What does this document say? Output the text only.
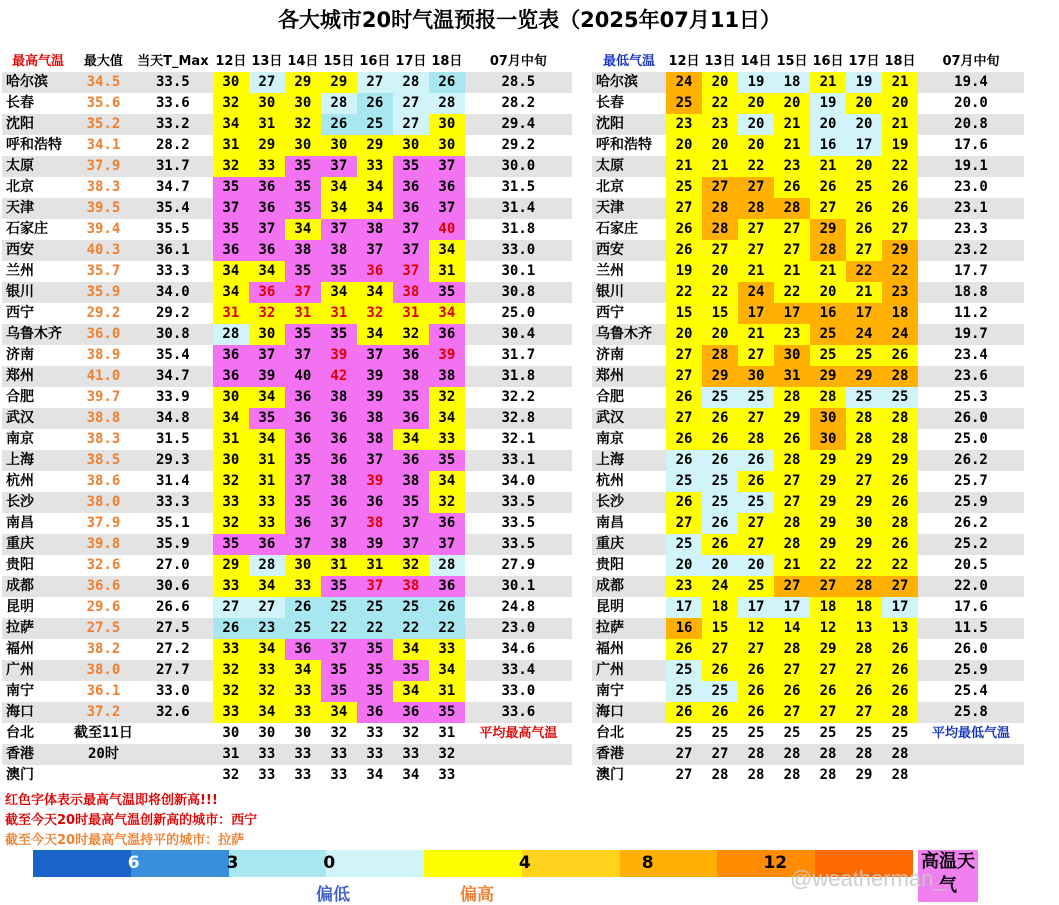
各大城市20时气温预报一览表（2025年07月11日）
最高气温	最大值	当天T_Max	12日	13日	14日	15日	16日	17日	18日	07月中旬
哈尔滨	34.5	33.5	30	27	29	29	27	28	26	28.5
长春	35.6	33.6	32	30	30	28	26	27	28	28.2
沈阳	35.2	33.2	34	31	32	26	25	27	30	29.4
呼和浩特	34.1	28.2	31	29	30	30	29	30	30	29.2
太原	37.9	31.7	32	33	35	37	33	35	37	30.0
北京	38.3	34.7	35	36	35	34	34	36	36	31.5
天津	39.5	35.4	37	36	35	34	34	36	37	31.4
石家庄	39.4	35.5	35	37	34	37	38	37	40	31.8
西安	40.3	36.1	36	36	38	38	37	37	34	33.0
兰州	35.7	33.3	34	34	35	35	36	37	31	30.1
银川	35.9	34.0	34	36	37	34	34	38	35	30.8
西宁	29.2	29.2	31	32	31	31	32	31	34	25.0
乌鲁木齐	36.0	30.8	28	30	35	35	34	32	36	30.4
济南	38.9	35.4	36	37	37	39	37	36	39	31.7
郑州	41.0	34.7	36	39	40	42	39	38	38	31.8
合肥	39.7	33.9	30	34	36	38	39	35	32	32.2
武汉	38.8	34.8	34	35	36	36	38	36	34	32.8
南京	38.3	31.5	31	34	36	36	38	34	33	32.1
上海	38.5	29.3	30	31	35	36	37	36	35	33.1
杭州	38.6	31.4	32	31	37	38	39	38	34	34.0
长沙	38.0	33.3	33	33	35	36	36	35	32	33.5
南昌	37.9	35.1	32	33	36	37	38	37	36	33.5
重庆	39.8	35.9	35	36	37	38	39	37	37	33.5
贵阳	32.6	27.0	29	28	30	31	31	32	28	27.9
成都	36.6	30.6	33	34	33	35	37	38	36	30.1
昆明	29.6	26.6	27	27	26	25	25	25	26	24.8
拉萨	27.5	27.5	26	23	25	22	22	22	22	23.0
福州	38.2	27.2	33	34	36	37	35	34	33	34.6
广州	38.0	27.7	32	33	34	35	35	35	34	33.4
南宁	36.1	33.0	32	32	33	35	35	34	31	33.0
海口	37.2	32.6	33	34	33	34	36	36	35	33.6
台北	截至11日		30	30	30	32	33	32	31	平均最高气温
香港	20时		31	33	33	33	33	33	32	
澳门			32	33	33	33	34	34	33	
最低气温	12日	13日	14日	15日	16日	17日	18日	07月中旬
哈尔滨	24	20	19	18	21	19	21	19.4
长春	25	22	20	20	19	20	20	20.0
沈阳	23	23	20	21	20	20	21	20.8
呼和浩特	20	20	20	21	16	17	19	17.6
太原	21	21	22	23	21	20	22	19.1
北京	25	27	27	26	26	25	26	23.0
天津	27	28	28	28	27	26	26	23.1
石家庄	26	28	27	27	29	26	27	23.3
西安	26	27	27	27	28	27	29	23.2
兰州	19	20	21	21	21	22	22	17.7
银川	22	22	24	22	20	21	23	18.8
西宁	15	15	17	17	16	17	18	11.2
乌鲁木齐	20	20	21	23	25	24	24	19.7
济南	27	28	27	30	25	25	26	23.4
郑州	27	29	30	31	29	29	28	23.6
合肥	26	25	25	28	28	25	25	25.3
武汉	27	26	27	29	30	28	28	26.0
南京	26	26	28	26	30	28	28	25.0
上海	26	26	26	28	29	29	29	26.2
杭州	25	25	26	27	29	27	26	25.7
长沙	26	25	25	27	29	29	26	25.9
南昌	27	26	27	28	29	30	28	26.2
重庆	25	26	27	28	29	29	26	25.2
贵阳	20	20	20	21	22	22	22	20.5
成都	23	24	25	27	27	28	27	22.0
昆明	17	18	17	17	18	18	17	17.6
拉萨	16	15	12	14	12	13	13	11.5
福州	26	27	27	28	29	28	26	26.0
广州	25	26	26	27	27	27	26	25.9
南宁	25	25	26	26	26	26	26	25.4
海口	26	26	26	27	27	27	28	25.8
台北	25	25	25	25	25	25	25	平均最低气温
香港	27	27	28	28	28	28	28	
澳门	27	28	28	28	28	29	28	
红色字体表示最高气温即将创新高!!!
截至今天20时最高气温创新高的城市：西宁
截至今天20时最高气温持平的城市：拉萨
6	3	0	4	8	12
偏低	偏高
高温天气
@weatherman_
